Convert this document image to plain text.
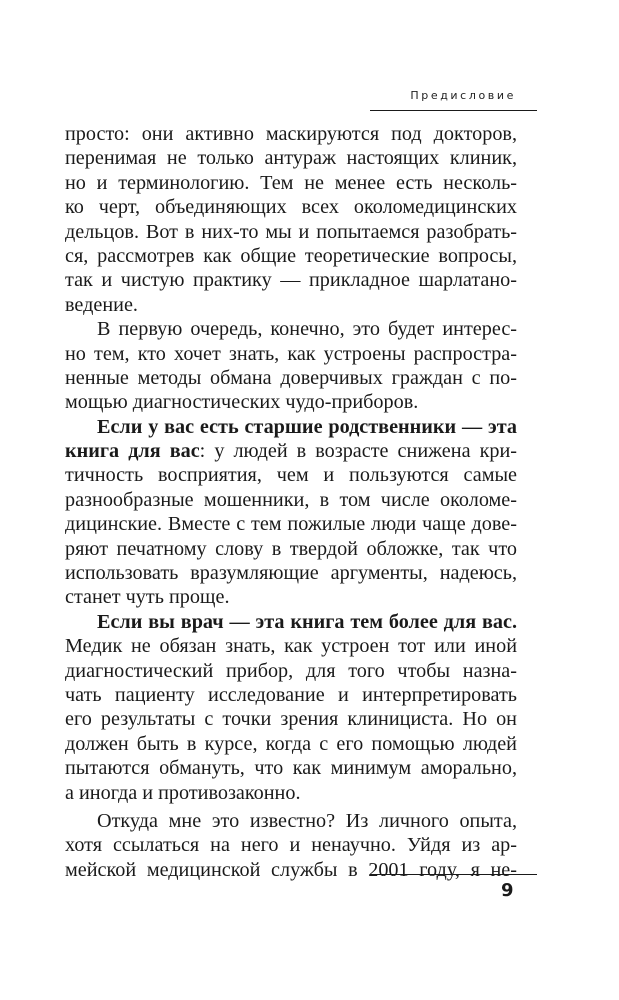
Предисловие
просто: они активно маскируются под докторов,
перенимая не только антураж настоящих клиник,
но и терминологию. Тем не менее есть несколь-
ко черт, объединяющих всех околомедицинских
дельцов. Вот в них-то мы и попытаемся разобрать-
ся, рассмотрев как общие теоретические вопросы,
так и чистую практику — прикладное шарлатано-
ведение.
В первую очередь, конечно, это будет интерес-
но тем, кто хочет знать, как устроены распростра-
ненные методы обмана доверчивых граждан с по-
мощью диагностических чудо-приборов.
Если у вас есть старшие родственники — эта
книга для вас: у людей в возрасте снижена кри-
тичность восприятия, чем и пользуются самые
разнообразные мошенники, в том числе околоме-
дицинские. Вместе с тем пожилые люди чаще дове-
ряют печатному слову в твердой обложке, так что
использовать вразумляющие аргументы, надеюсь,
станет чуть проще.
Если вы врач — эта книга тем более для вас.
Медик не обязан знать, как устроен тот или иной
диагностический прибор, для того чтобы назна-
чать пациенту исследование и интерпретировать
его результаты с точки зрения клинициста. Но он
должен быть в курсе, когда с его помощью людей
пытаются обмануть, что как минимум аморально,
а иногда и противозаконно.
Откуда мне это известно? Из личного опыта,
хотя ссылаться на него и ненаучно. Уйдя из ар-
мейской медицинской службы в 2001 году, я не-
9
